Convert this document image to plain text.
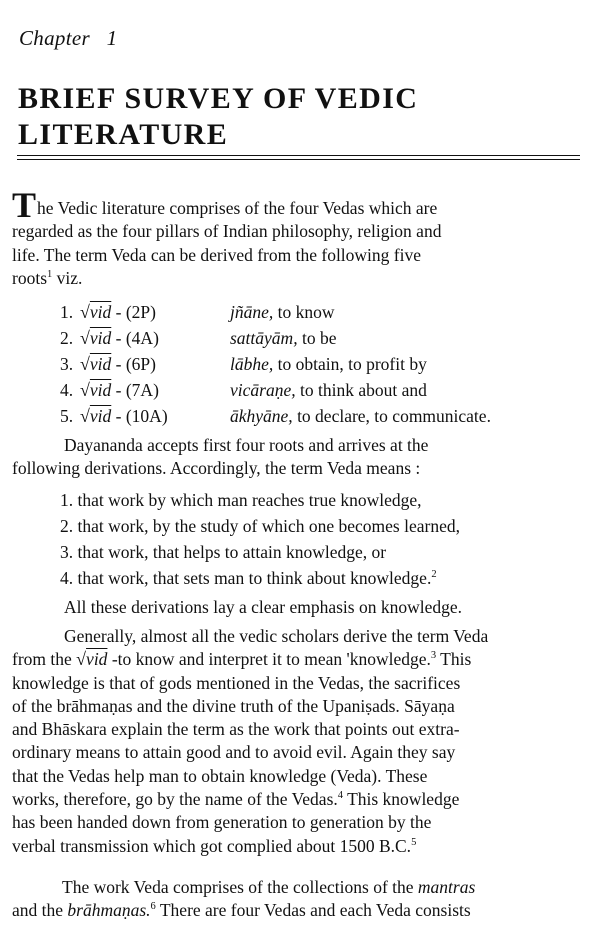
Chapter 1
BRIEF SURVEY OF VEDIC
LITERATURE
The Vedic literature comprises of the four Vedas which are
regarded as the four pillars of Indian philosophy, religion and
life. The term Veda can be derived from the following five
roots$^1$ viz.
1. √vid - (2P)	jñāne, to know
2. √vid - (4A)	sattāyām, to be
3. √vid - (6P)	lābhe, to obtain, to profit by
4. √vid - (7A)	vicāraṇe, to think about and
5. √vid - (10A)	ākhyāne, to declare, to communicate.
Dayananda accepts first four roots and arrives at the
following derivations. Accordingly, the term Veda means :
1. that work by which man reaches true knowledge,
2. that work, by the study of which one becomes learned,
3. that work, that helps to attain knowledge, or
4. that work, that sets man to think about knowledge.$^2$
All these derivations lay a clear emphasis on knowledge.
Generally, almost all the vedic scholars derive the term Veda
from the √vid -to know and interpret it to mean 'knowledge.$^3$ This
knowledge is that of gods mentioned in the Vedas, the sacrifices
of the brāhmaṇas and the divine truth of the Upaniṣads. Sāyaṇa
and Bhāskara explain the term as the work that points out extra-
ordinary means to attain good and to avoid evil. Again they say
that the Vedas help man to obtain knowledge (Veda). These
works, therefore, go by the name of the Vedas.$^4$ This knowledge
has been handed down from generation to generation by the
verbal transmission which got complied about 1500 B.C.$^5$
The work Veda comprises of the collections of the mantras
and the brāhmaṇas.$^6$ There are four Vedas and each Veda consists
